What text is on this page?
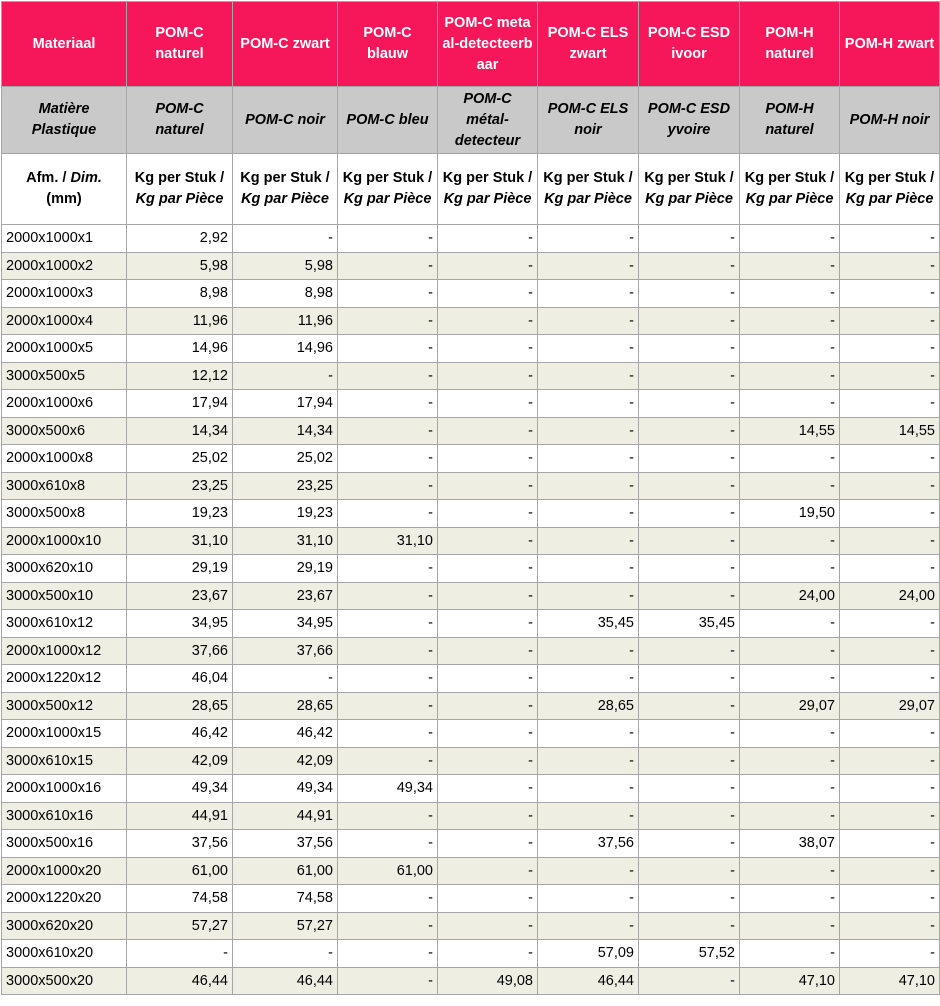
Materiaal	POM-C naturel	POM-C zwart	POM-C blauw	POM-C metaal-detecteerbaar	POM-C ELS zwart	POM-C ESD ivoor	POM-H naturel	POM-H zwart
Matière Plastique	POM-C naturel	POM-C noir	POM-C bleu	POM-C métal-detecteur	POM-C ELS noir	POM-C ESD yvoire	POM-H naturel	POM-H noir
Afm. / Dim.
(mm)	Kg per Stuk / Kg par Pièce	Kg per Stuk / Kg par Pièce	Kg per Stuk / Kg par Pièce	Kg per Stuk / Kg par Pièce	Kg per Stuk / Kg par Pièce	Kg per Stuk / Kg par Pièce	Kg per Stuk / Kg par Pièce	Kg per Stuk / Kg par Pièce
2000x1000x1	2,92	-	-	-	-	-	-	-
2000x1000x2	5,98	5,98	-	-	-	-	-	-
2000x1000x3	8,98	8,98	-	-	-	-	-	-
2000x1000x4	11,96	11,96	-	-	-	-	-	-
2000x1000x5	14,96	14,96	-	-	-	-	-	-
3000x500x5	12,12	-	-	-	-	-	-	-
2000x1000x6	17,94	17,94	-	-	-	-	-	-
3000x500x6	14,34	14,34	-	-	-	-	14,55	14,55
2000x1000x8	25,02	25,02	-	-	-	-	-	-
3000x610x8	23,25	23,25	-	-	-	-	-	-
3000x500x8	19,23	19,23	-	-	-	-	19,50	-
2000x1000x10	31,10	31,10	31,10	-	-	-	-	-
3000x620x10	29,19	29,19	-	-	-	-	-	-
3000x500x10	23,67	23,67	-	-	-	-	24,00	24,00
3000x610x12	34,95	34,95	-	-	35,45	35,45	-	-
2000x1000x12	37,66	37,66	-	-	-	-	-	-
2000x1220x12	46,04	-	-	-	-	-	-	-
3000x500x12	28,65	28,65	-	-	28,65	-	29,07	29,07
2000x1000x15	46,42	46,42	-	-	-	-	-	-
3000x610x15	42,09	42,09	-	-	-	-	-	-
2000x1000x16	49,34	49,34	49,34	-	-	-	-	-
3000x610x16	44,91	44,91	-	-	-	-	-	-
3000x500x16	37,56	37,56	-	-	37,56	-	38,07	-
2000x1000x20	61,00	61,00	61,00	-	-	-	-	-
2000x1220x20	74,58	74,58	-	-	-	-	-	-
3000x620x20	57,27	57,27	-	-	-	-	-	-
3000x610x20	-	-	-	-	57,09	57,52	-	-
3000x500x20	46,44	46,44	-	49,08	46,44	-	47,10	47,10
